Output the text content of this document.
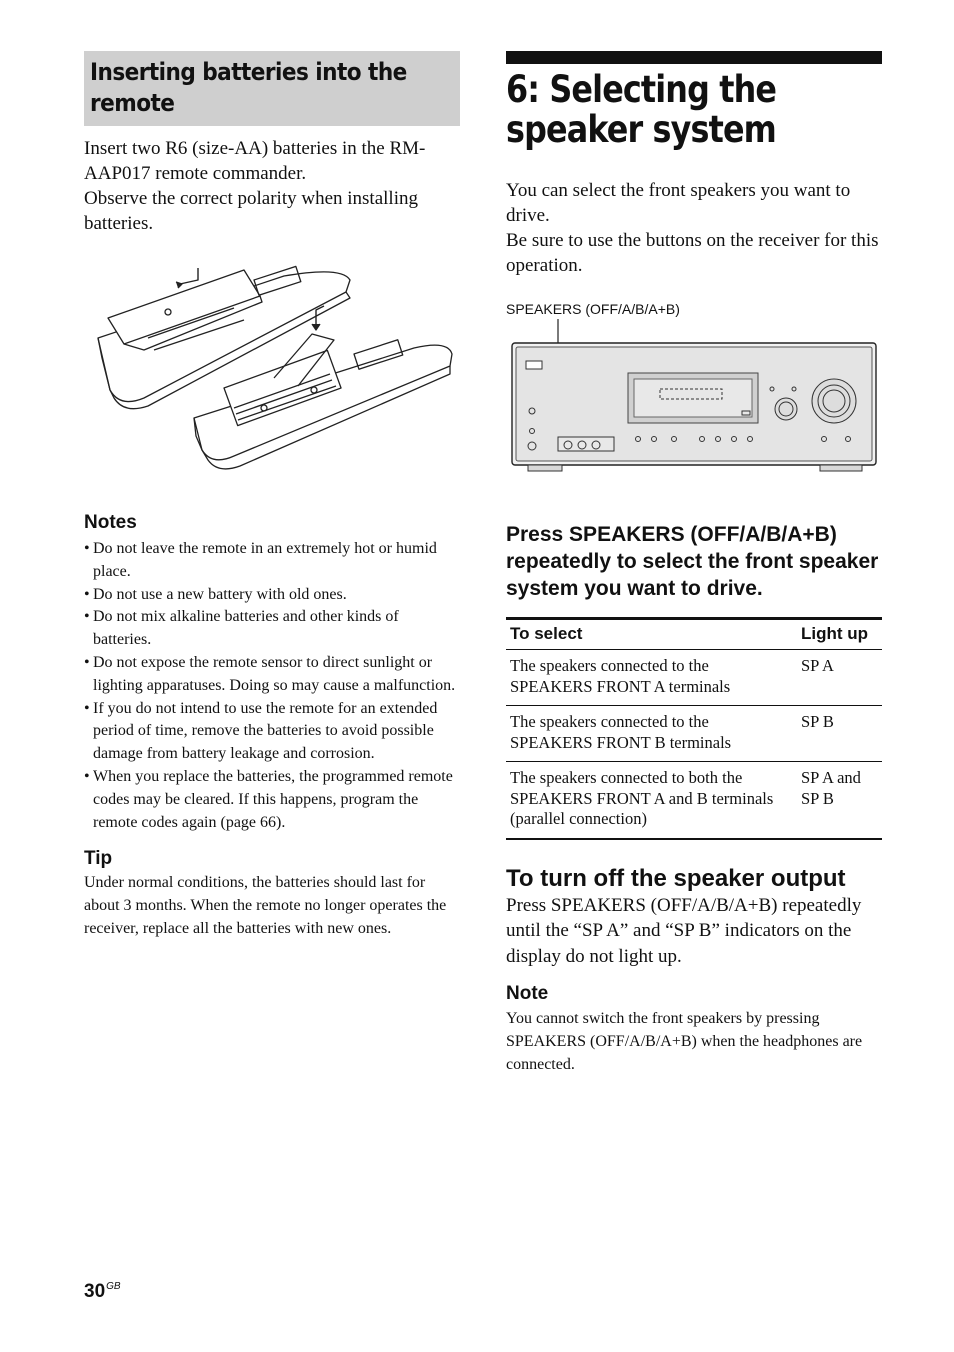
Inserting batteries into the remote

Insert two R6 (size-AA) batteries in the RM-AAP017 remote commander.

Observe the correct polarity when installing batteries.

Notes
• Do not leave the remote in an extremely hot or humid place.
• Do not use a new battery with old ones.
• Do not mix alkaline batteries and other kinds of batteries.
• Do not expose the remote sensor to direct sunlight or lighting apparatuses. Doing so may cause a malfunction.
• If you do not intend to use the remote for an extended period of time, remove the batteries to avoid possible damage from battery leakage and corrosion.
• When you replace the batteries, the programmed remote codes may be cleared. If this happens, program the remote codes again (page 66).
Tip

Under normal conditions, the batteries should last for about 3 months. When the remote no longer operates the receiver, replace all the batteries with new ones.

6: Selecting the speaker system

You can select the front speakers you want to drive.

Be sure to use the buttons on the receiver for this operation.

SPEAKERS (OFF/A/B/A+B)
Press SPEAKERS (OFF/A/B/A+B) repeatedly to select the front speaker system you want to drive.
To select	Light up
The speakers connected to the SPEAKERS FRONT A terminals	SP A
The speakers connected to the SPEAKERS FRONT B terminals	SP B
The speakers connected to both the SPEAKERS FRONT A and B terminals (parallel connection)	SP A and SP B
To turn off the speaker output

Press SPEAKERS (OFF/A/B/A+B) repeatedly until the “SP A” and “SP B” indicators on the display do not light up.

Note

You cannot switch the front speakers by pressing SPEAKERS (OFF/A/B/A+B) when the headphones are connected.

$30^{GB}$
